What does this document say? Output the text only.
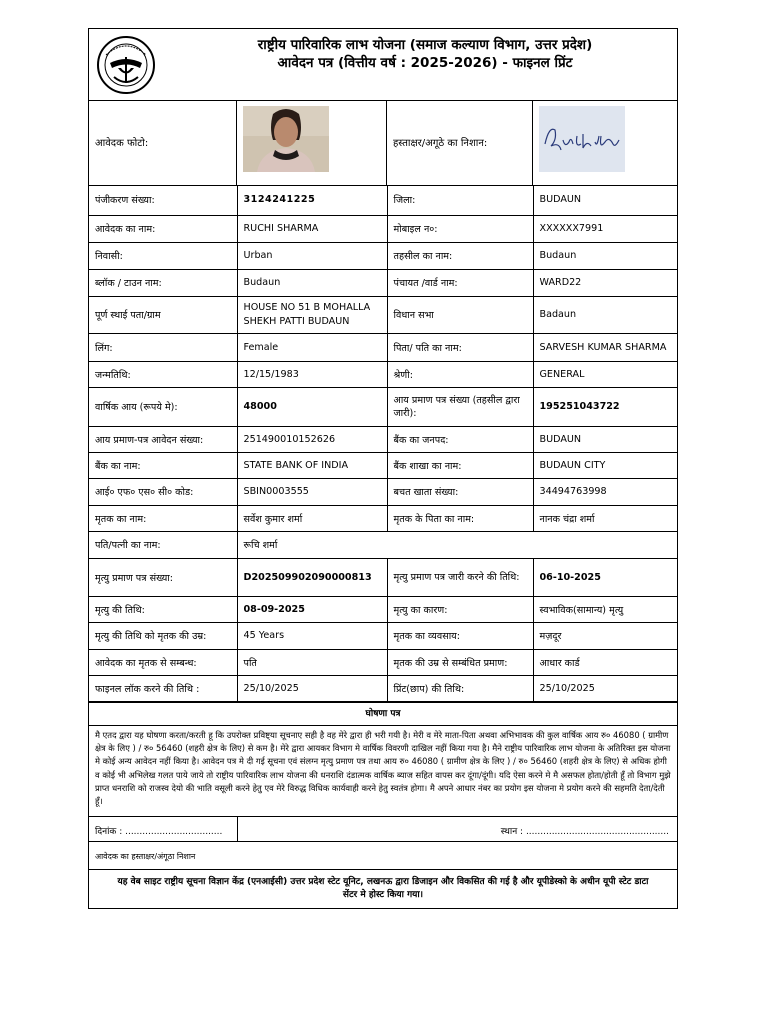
राष्ट्रीय पारिवारिक लाभ योजना (समाज कल्याण विभाग, उत्तर प्रदेश)
आवेदन पत्र (वित्तीय वर्ष : 2025-2026) - फाइनल प्रिंट
आवेदक फोटो:	हस्ताक्षर/अगूठे का निशान:
पंजीकरण संख्या:	3124241225	जिला:	BUDAUN
आवेदक का नाम:	RUCHI SHARMA	मोबाइल न०:	XXXXXX7991
निवासी:	Urban	तहसील का नाम:	Budaun
ब्लॉक / टाउन नाम:	Budaun	पंचायत /वार्ड नाम:	WARD22
पूर्ण स्थाई पता/ग्राम	HOUSE NO 51 B MOHALLA SHEKH PATTI BUDAUN	विधान सभा	Badaun
लिंग:	Female	पिता/ पति का नाम:	SARVESH KUMAR SHARMA
जन्मतिथि:	12/15/1983	श्रेणी:	GENERAL
वार्षिक आय (रूपये मे):	48000	आय प्रमाण पत्र संख्या (तहसील द्वारा जारी):	195251043722
आय प्रमाण-पत्र आवेदन संख्या:	251490010152626	बैंक का जनपद:	BUDAUN
बैंक का नाम:	STATE BANK OF INDIA	बैंक शाखा का नाम:	BUDAUN CITY
आई० एफ० एस० सी० कोड:	SBIN0003555	बचत खाता संख्या:	34494763998
मृतक का नाम:	सर्वेश कुमार शर्मा	मृतक के पिता का नाम:	नानक चंद्रा शर्मा
पति/पत्नी का नाम:	रूचि शर्मा		
मृत्यु प्रमाण पत्र संख्या:	D202509902090000813	मृत्यु प्रमाण पत्र जारी करने की तिथि:	06-10-2025
मृत्यु की तिथि:	08-09-2025	मृत्यु का कारण:	स्वभाविक(सामान्य) मृत्यु
मृत्यु की तिथि को मृतक की उम्र:	45 Years	मृतक का व्यवसाय:	मज़दूर
आवेदक का मृतक से सम्बन्ध:	पति	मृतक की उम्र से सम्बंधित प्रमाण:	आधार कार्ड
फाइनल लॉक करने की तिथि :	25/10/2025	प्रिंट(छाप) की तिथि:	25/10/2025
घोषणा पत्र
मै एतद द्वारा यह घोषणा करता/करती हू कि उपरोक्त प्रविष्ट्या सूचनाए सही है वह मेरे द्वारा ही भरी गयी है। मेरी व मेरे माता-पिता अथवा अभिभावक की कुल वार्षिक आय रु० 46080 ( ग्रामीण क्षेत्र के लिए ) / रु० 56460 (शहरी क्षेत्र के लिए) से कम है। मेरे द्वारा आयकर विभाग मे वार्षिक विवरणी दाखिल नहीं किया गया है। मैने राष्ट्रीय पारिवारिक लाभ योजना के अतिरिक्त इस योजना मे कोई अन्य आवेदन नहीं किया है। आवेदन पत्र मे दी गई सूचना एवं संलग्न मृत्यु प्रमाण पत्र तथा आय रु० 46080 ( ग्रामीण क्षेत्र के लिए ) / रु० 56460 (शहरी क्षेत्र के लिए) से अधिक होगी व कोई भी अभिलेख गलत पाये जाये तो राष्ट्रीय पारिवारिक लाभ योजना की धनराशि दंडात्मक वार्षिक ब्याज सहित वापस कर दूंगा/दूंगी। यदि ऐसा करने मे मै असफल होता/होती हूँ तो विभाग मुझे प्राप्त धनराशि को राजस्व देयो की भाति वसूली करने हेतु एव मेरे विरुद्ध विधिक कार्यवाही करने हेतु स्वतंत्र होगा। मै अपने आधार नंबर का प्रयोग इस योजना मे प्रयोग करने की सहमति देता/देती हूँ।
दिनांक : ..................................	स्थान : ..................................................
आवेदक का हस्ताक्षर/अंगूठा निशान
यह वेब साइट राष्ट्रीय सूचना विज्ञान केंद्र (एनआईसी) उत्तर प्रदेश स्टेट यूनिट, लखनऊ द्वारा डिजाइन और विकसित की गई है और यूपीडेस्को के अधीन यूपी स्टेट डाटा सेंटर मे होस्ट किया गया।
